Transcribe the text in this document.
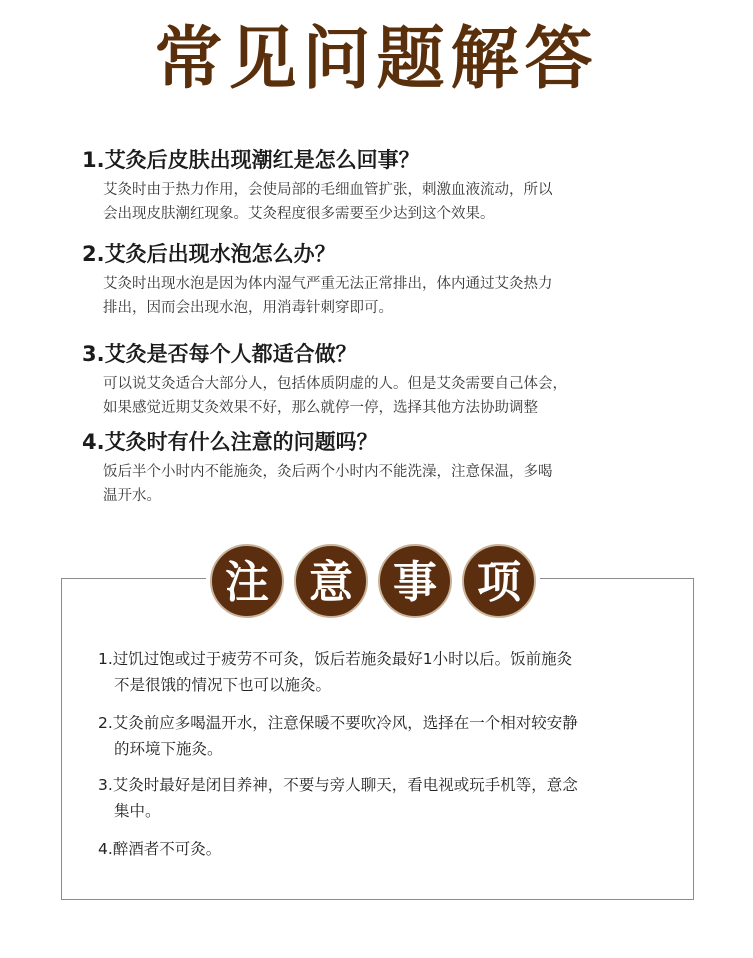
常见问题解答
1.艾灸后皮肤出现潮红是怎么回事？
艾灸时由于热力作用，会使局部的毛细血管扩张，刺激血液流动，所以
会出现皮肤潮红现象。艾灸程度很多需要至少达到这个效果。
2.艾灸后出现水泡怎么办？
艾灸时出现水泡是因为体内湿气严重无法正常排出，体内通过艾灸热力
排出，因而会出现水泡，用消毒针刺穿即可。
3.艾灸是否每个人都适合做？
可以说艾灸适合大部分人，包括体质阴虚的人。但是艾灸需要自己体会，
如果感觉近期艾灸效果不好，那么就停一停，选择其他方法协助调整
4.艾灸时有什么注意的问题吗？
饭后半个小时内不能施灸，灸后两个小时内不能洗澡，注意保温，多喝
温开水。
注 意 事 项
1.过饥过饱或过于疲劳不可灸，饭后若施灸最好1小时以后。饭前施灸
不是很饿的情况下也可以施灸。
2.艾灸前应多喝温开水，注意保暖不要吹冷风，选择在一个相对较安静
的环境下施灸。
3.艾灸时最好是闭目养神，不要与旁人聊天，看电视或玩手机等，意念
集中。
4.醉酒者不可灸。
